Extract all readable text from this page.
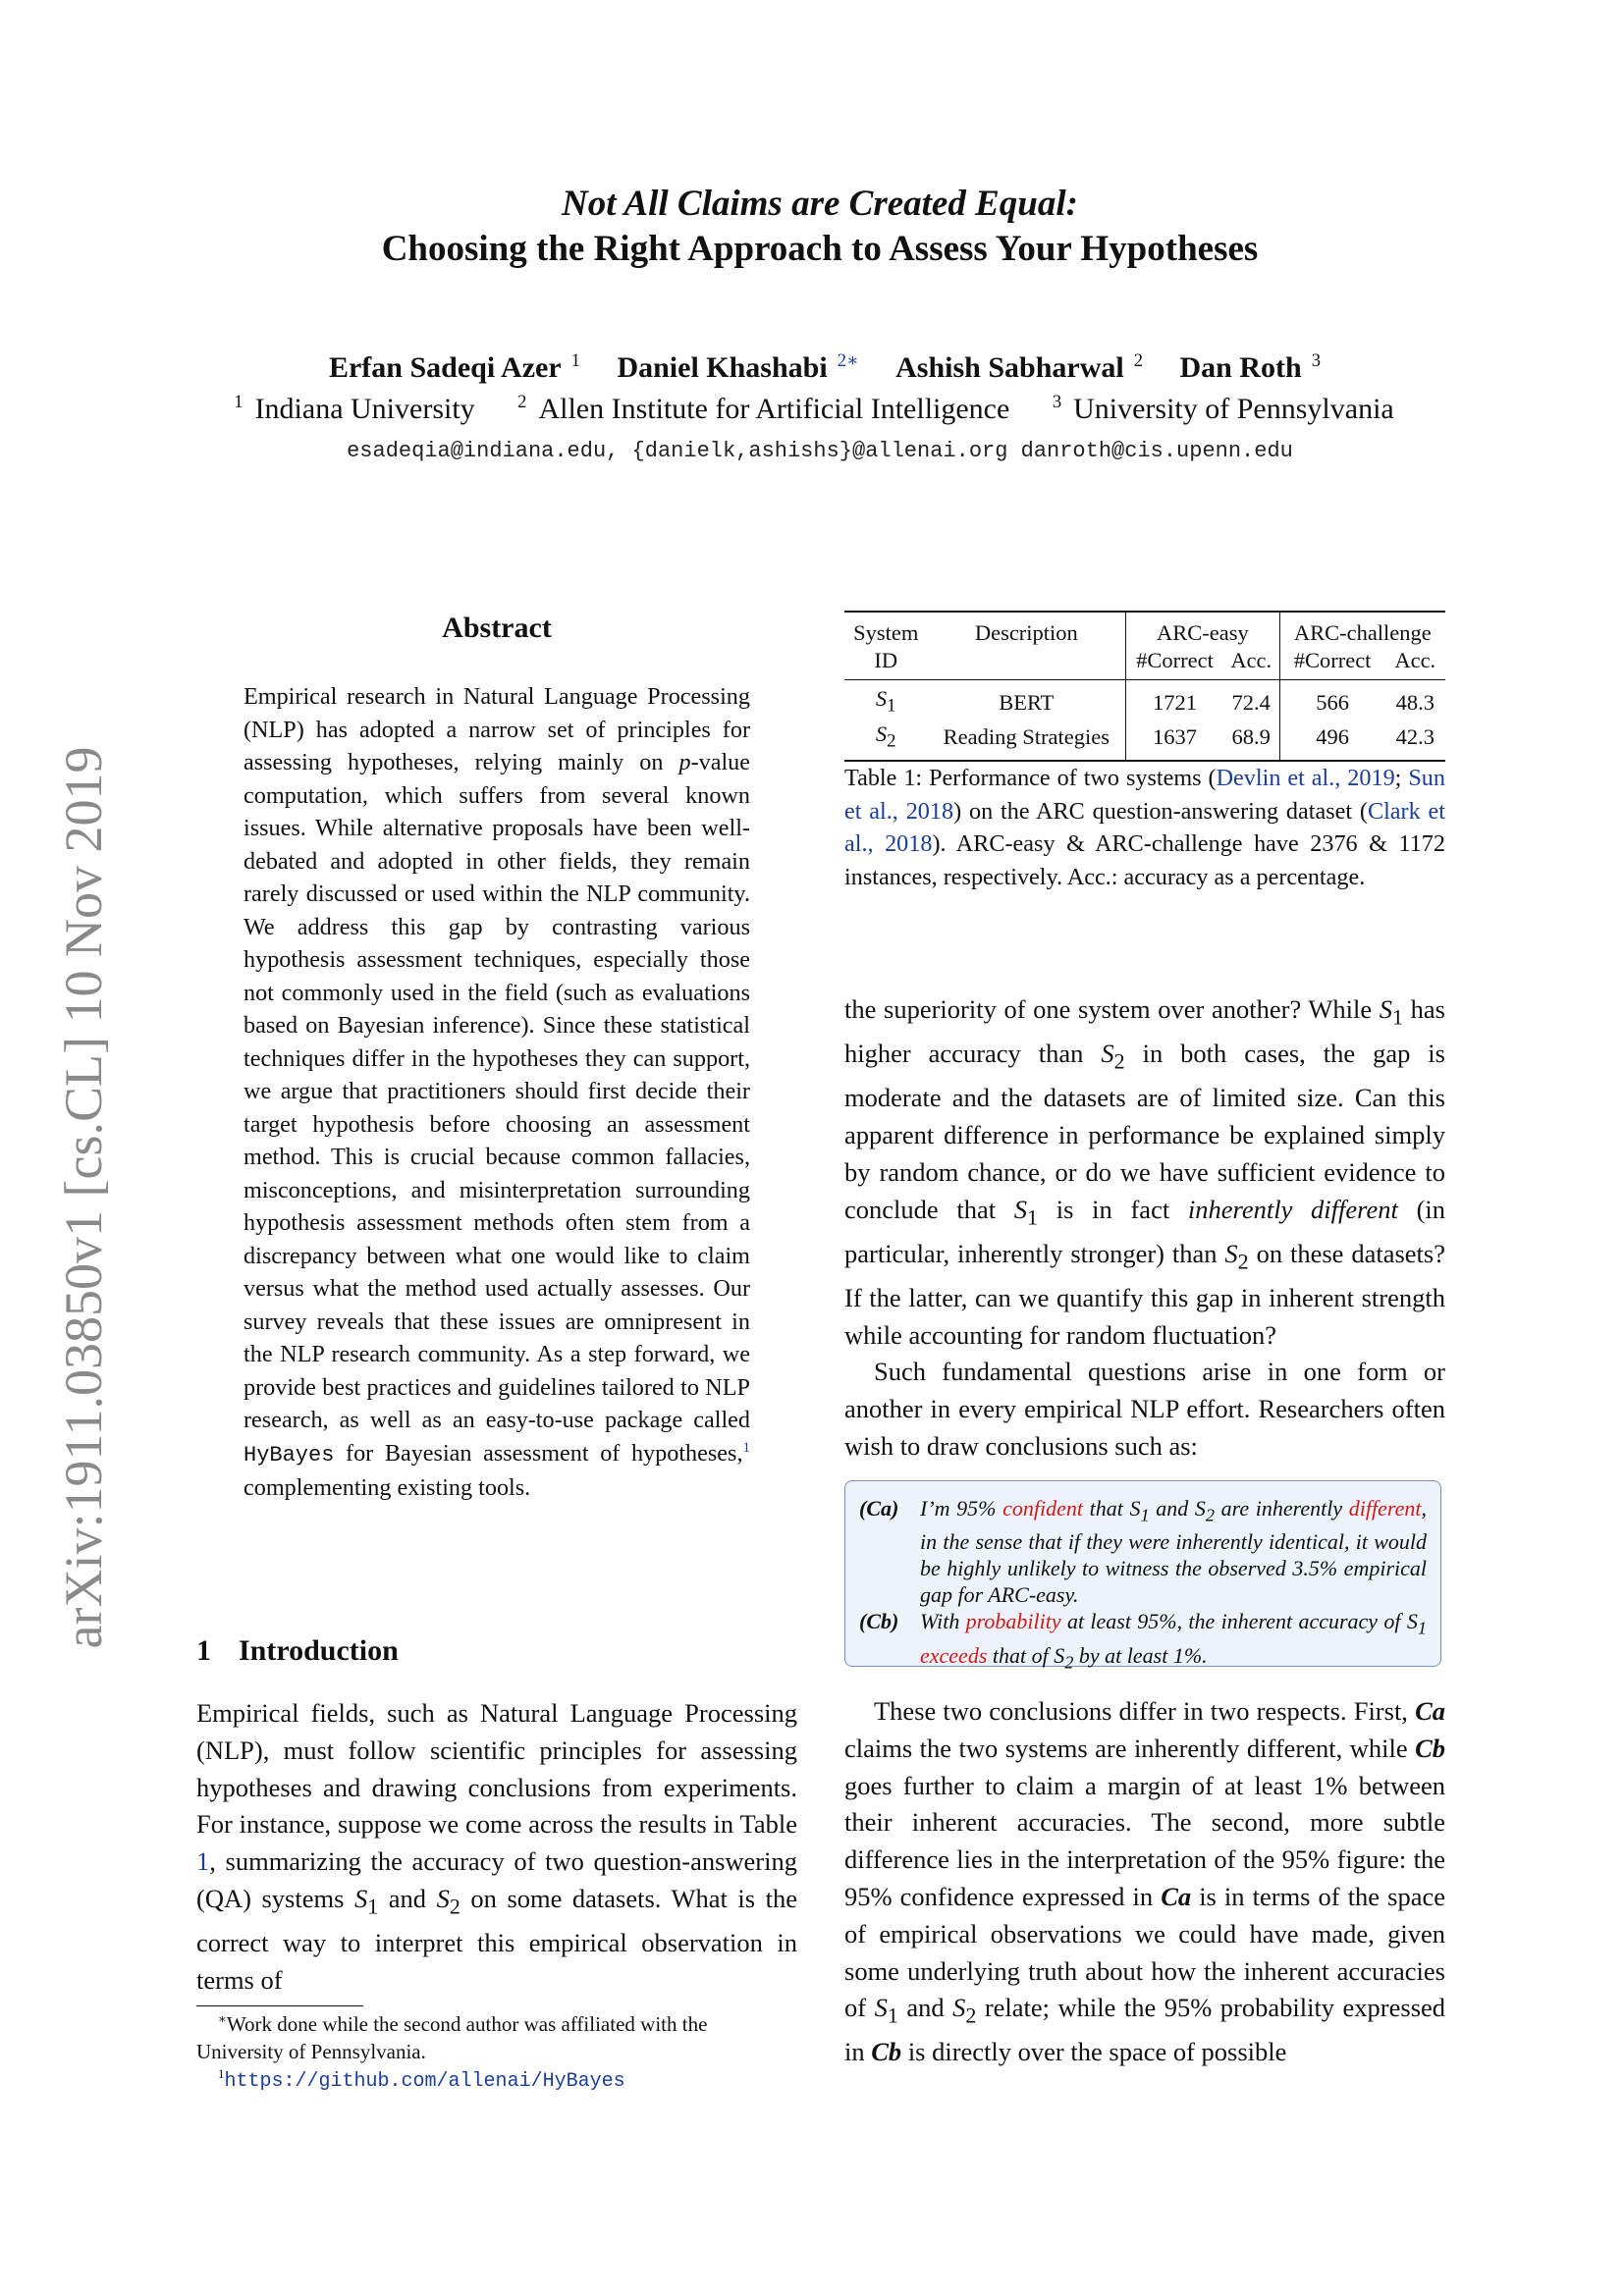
arXiv:1911.03850v1 [cs.CL] 10 Nov 2019
Not All Claims are Created Equal:
Choosing the Right Approach to Assess Your Hypotheses
Erfan Sadeqi Azer $^1$ Daniel Khashabi $^{2∗}$ Ashish Sabharwal $^2$ Dan Roth $^3$
$^1$ Indiana University $^2$ Allen Institute for Artificial Intelligence $^3$ University of Pennsylvania
esadeqia@indiana.edu, {danielk,ashishs}@allenai.org danroth@cis.upenn.edu
Abstract
Empirical research in Natural Language Processing (NLP) has adopted a narrow set of principles for assessing hypotheses, relying mainly on p-value computation, which suffers from several known issues. While alternative proposals have been well-debated and adopted in other fields, they remain rarely discussed or used within the NLP community. We address this gap by contrasting various hypothesis assessment techniques, especially those not commonly used in the field (such as evaluations based on Bayesian inference). Since these statistical techniques differ in the hypotheses they can support, we argue that practitioners should first decide their target hypothesis before choosing an assessment method. This is crucial because common fallacies, misconceptions, and misinterpretation surrounding hypothesis assessment methods often stem from a discrepancy between what one would like to claim versus what the method used actually assesses. Our survey reveals that these issues are omnipresent in the NLP research community. As a step forward, we provide best practices and guidelines tailored to NLP research, as well as an easy-to-use package called HyBayes for Bayesian assessment of hypotheses,$^1$ complementing existing tools.
1 Introduction
Empirical fields, such as Natural Language Processing (NLP), must follow scientific principles for assessing hypotheses and drawing conclusions from experiments. For instance, suppose we come across the results in Table 1, summarizing the accuracy of two question-answering (QA) systems $S_1$ and $S_2$ on some datasets. What is the correct way to interpret this empirical observation in terms of

∗Work done while the second author was affiliated with the University of Pennsylvania.

$^1$https://github.com/allenai/HyBayes

System	Description	ARC-easy		ARC-challenge	
ID		#Correct	Acc.	#Correct	Acc.
$S_1$	BERT	1721	72.4	566	48.3
$S_2$	Reading Strategies	1637	68.9	496	42.3
Table 1: Performance of two systems (Devlin et al., 2019; Sun et al., 2018) on the ARC question-answering dataset (Clark et al., 2018). ARC-easy & ARC-challenge have 2376 & 1172 instances, respectively. Acc.: accuracy as a percentage.
the superiority of one system over another? While $S_1$ has higher accuracy than $S_2$ in both cases, the gap is moderate and the datasets are of limited size. Can this apparent difference in performance be explained simply by random chance, or do we have sufficient evidence to conclude that $S_1$ is in fact inherently different (in particular, inherently stronger) than $S_2$ on these datasets? If the latter, can we quantify this gap in inherent strength while accounting for random fluctuation?
Such fundamental questions arise in one form or another in every empirical NLP effort. Researchers often wish to draw conclusions such as:
(Ca) I’m 95% confident that $S_1$ and $S_2$ are inherently different, in the sense that if they were inherently identical, it would be highly unlikely to witness the observed 3.5% empirical gap for ARC-easy.
(Cb) With probability at least 95%, the inherent accuracy of $S_1$ exceeds that of $S_2$ by at least 1%.
These two conclusions differ in two respects. First, Ca claims the two systems are inherently different, while Cb goes further to claim a margin of at least 1% between their inherent accuracies. The second, more subtle difference lies in the interpretation of the 95% figure: the 95% confidence expressed in Ca is in terms of the space of empirical observations we could have made, given some underlying truth about how the inherent accuracies of $S_1$ and $S_2$ relate; while the 95% probability expressed in Cb is directly over the space of possible
